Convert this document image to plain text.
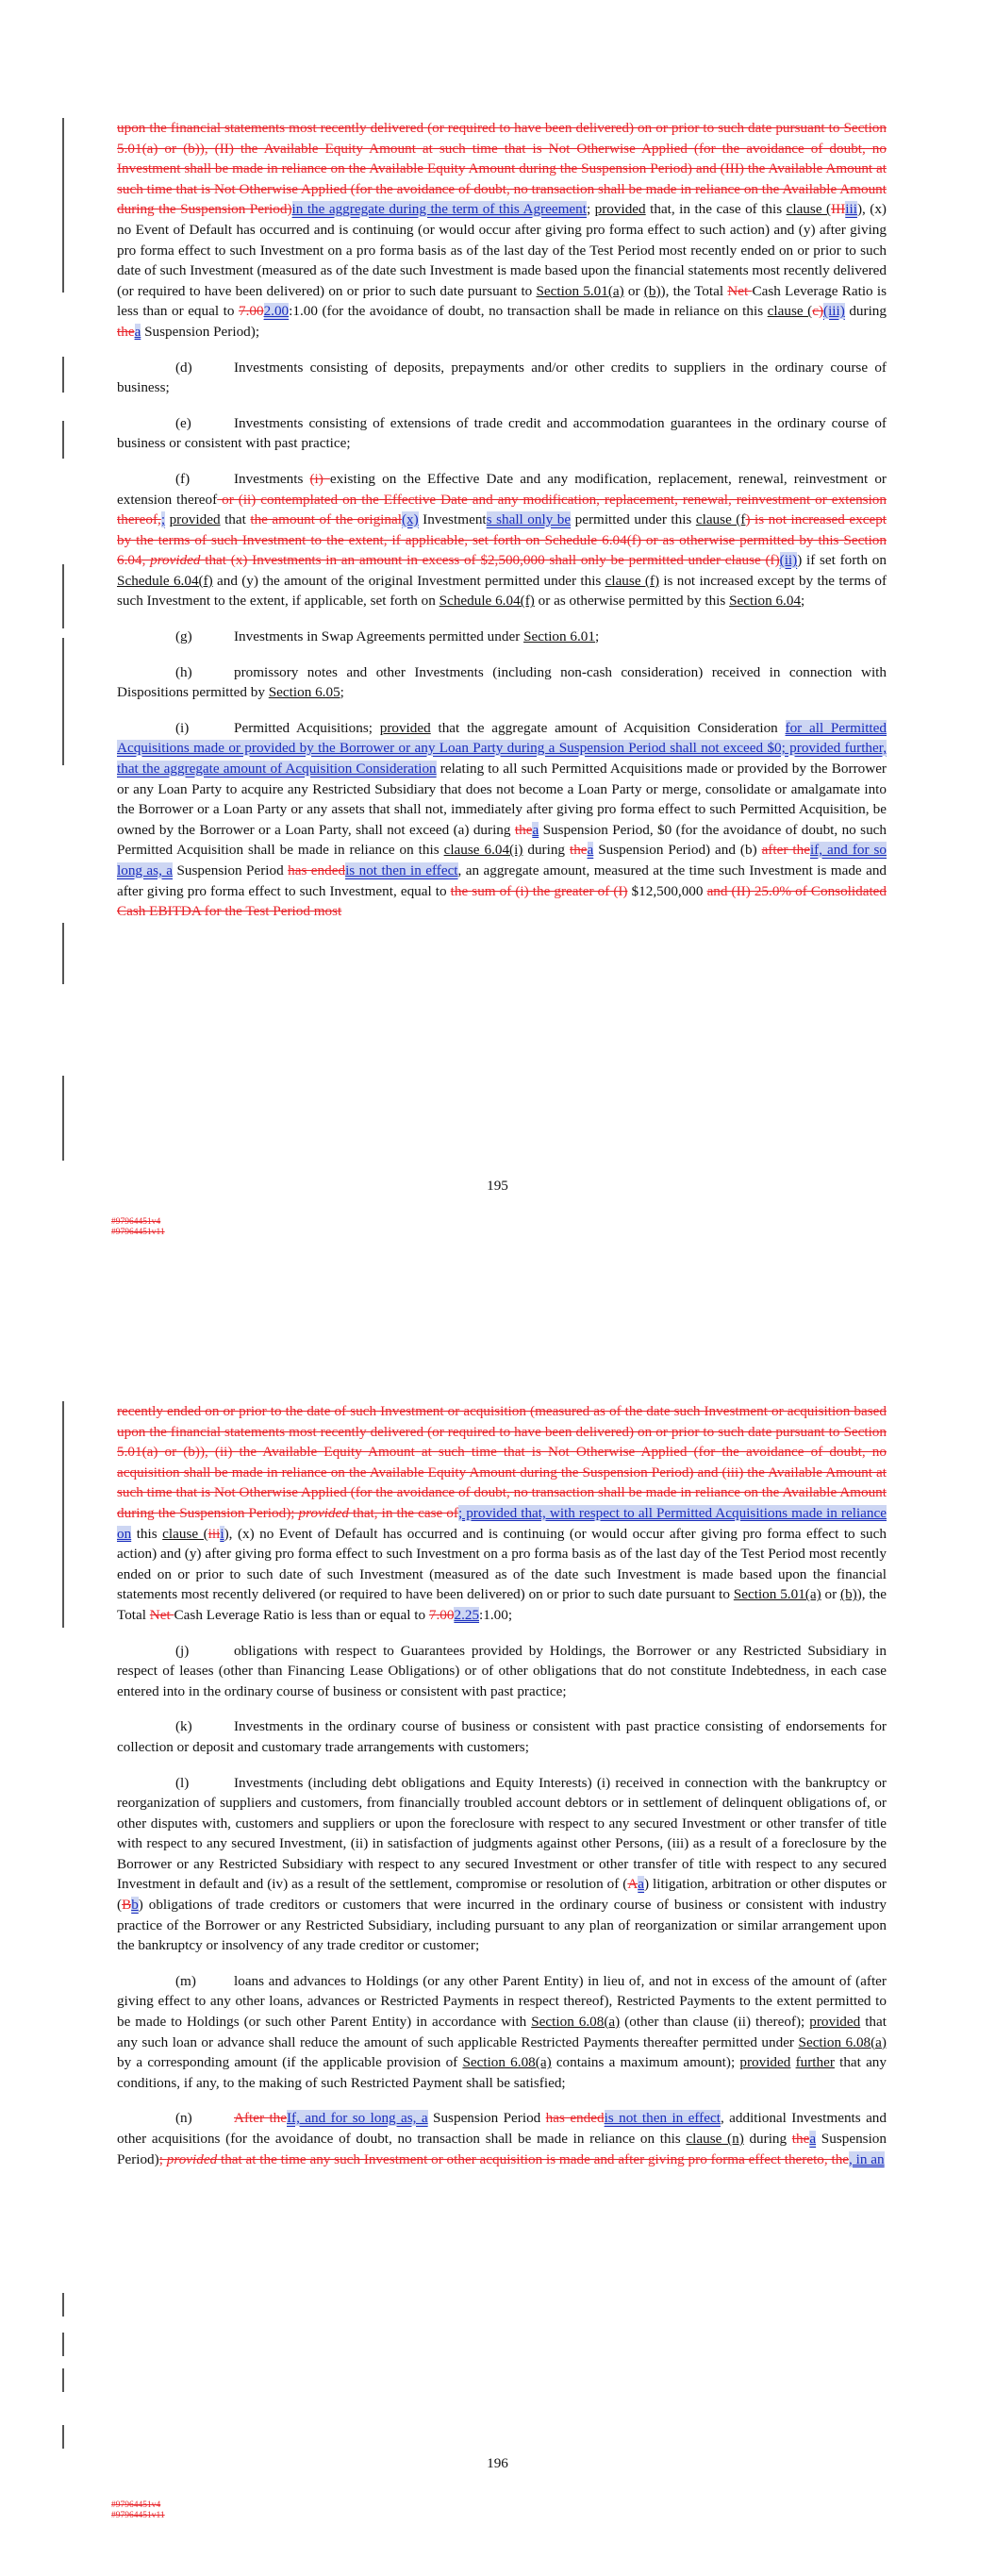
upon the financial statements most recently delivered (or required to have been delivered) on or prior to such date pursuant to Section 5.01(a) or (b)), (II) the Available Equity Amount at such time that is Not Otherwise Applied (for the avoidance of doubt, no Investment shall be made in reliance on the Available Equity Amount during the Suspension Period) and (III) the Available Amount at such time that is Not Otherwise Applied (for the avoidance of doubt, no transaction shall be made in reliance on the Available Amount during the Suspension Period)in the aggregate during the term of this Agreement; provided that, in the case of this clause (IIIiii), (x) no Event of Default has occurred and is continuing (or would occur after giving pro forma effect to such action) and (y) after giving pro forma effect to such Investment on a pro forma basis as of the last day of the Test Period most recently ended on or prior to such date of such Investment (measured as of the date such Investment is made based upon the financial statements most recently delivered (or required to have been delivered) on or prior to such date pursuant to Section 5.01(a) or (b)), the Total Net Cash Leverage Ratio is less than or equal to 7.002.00:1.00 (for the avoidance of doubt, no transaction shall be made in reliance on this clause (c)(iii) during thea Suspension Period);

(d)	Investments consisting of deposits, prepayments and/or other credits to suppliers in the ordinary course of business;

(e)	Investments consisting of extensions of trade credit and accommodation guarantees in the ordinary course of business or consistent with past practice;

(f)	Investments (i) existing on the Effective Date and any modification, replacement, renewal, reinvestment or extension thereof or (ii) contemplated on the Effective Date and any modification, replacement, renewal, reinvestment or extension thereof,; provided that the amount of the original(x) Investments shall only be permitted under this clause (f) is not increased except by the terms of such Investment to the extent, if applicable, set forth on Schedule 6.04(f) or as otherwise permitted by this Section 6.04, provided that (x) Investments in an amount in excess of $2,500,000 shall only be permitted under clause (f)(ii)) if set forth on Schedule 6.04(f) and (y) the amount of the original Investment permitted under this clause (f) is not increased except by the terms of such Investment to the extent, if applicable, set forth on Schedule 6.04(f) or as otherwise permitted by this Section 6.04;

(g)	Investments in Swap Agreements permitted under Section 6.01;

(h)	promissory notes and other Investments (including non-cash consideration) received in connection with Dispositions permitted by Section 6.05;

(i)	Permitted Acquisitions; provided that the aggregate amount of Acquisition Consideration for all Permitted Acquisitions made or provided by the Borrower or any Loan Party during a Suspension Period shall not exceed $0; provided further, that the aggregate amount of Acquisition Consideration relating to all such Permitted Acquisitions made or provided by the Borrower or any Loan Party to acquire any Restricted Subsidiary that does not become a Loan Party or merge, consolidate or amalgamate into the Borrower or a Loan Party or any assets that shall not, immediately after giving pro forma effect to such Permitted Acquisition, be owned by the Borrower or a Loan Party, shall not exceed (a) during thea Suspension Period, $0 (for the avoidance of doubt, no such Permitted Acquisition shall be made in reliance on this clause 6.04(i) during thea Suspension Period) and (b) after theif, and for so long as, a Suspension Period has endedis not then in effect, an aggregate amount, measured at the time such Investment is made and after giving pro forma effect to such Investment, equal to the sum of (i) the greater of (I) $12,500,000 and (II) 25.0% of Consolidated Cash EBITDA for the Test Period most

195
#97964451v4
#97964451v11

recently ended on or prior to the date of such Investment or acquisition (measured as of the date such Investment or acquisition based upon the financial statements most recently delivered (or required to have been delivered) on or prior to such date pursuant to Section 5.01(a) or (b)), (ii) the Available Equity Amount at such time that is Not Otherwise Applied (for the avoidance of doubt, no acquisition shall be made in reliance on the Available Equity Amount during the Suspension Period) and (iii) the Available Amount at such time that is Not Otherwise Applied (for the avoidance of doubt, no transaction shall be made in reliance on the Available Amount during the Suspension Period); provided that, in the case of; provided that, with respect to all Permitted Acquisitions made in reliance on this clause (iiii), (x) no Event of Default has occurred and is continuing (or would occur after giving pro forma effect to such action) and (y) after giving pro forma effect to such Investment on a pro forma basis as of the last day of the Test Period most recently ended on or prior to such date of such Investment (measured as of the date such Investment is made based upon the financial statements most recently delivered (or required to have been delivered) on or prior to such date pursuant to Section 5.01(a) or (b)), the Total Net Cash Leverage Ratio is less than or equal to 7.002.25:1.00;

(j)	obligations with respect to Guarantees provided by Holdings, the Borrower or any Restricted Subsidiary in respect of leases (other than Financing Lease Obligations) or of other obligations that do not constitute Indebtedness, in each case entered into in the ordinary course of business or consistent with past practice;

(k)	Investments in the ordinary course of business or consistent with past practice consisting of endorsements for collection or deposit and customary trade arrangements with customers;

(l)	Investments (including debt obligations and Equity Interests) (i) received in connection with the bankruptcy or reorganization of suppliers and customers, from financially troubled account debtors or in settlement of delinquent obligations of, or other disputes with, customers and suppliers or upon the foreclosure with respect to any secured Investment or other transfer of title with respect to any secured Investment, (ii) in satisfaction of judgments against other Persons, (iii) as a result of a foreclosure by the Borrower or any Restricted Subsidiary with respect to any secured Investment or other transfer of title with respect to any secured Investment in default and (iv) as a result of the settlement, compromise or resolution of (Aa) litigation, arbitration or other disputes or (Bb) obligations of trade creditors or customers that were incurred in the ordinary course of business or consistent with industry practice of the Borrower or any Restricted Subsidiary, including pursuant to any plan of reorganization or similar arrangement upon the bankruptcy or insolvency of any trade creditor or customer;

(m)	loans and advances to Holdings (or any other Parent Entity) in lieu of, and not in excess of the amount of (after giving effect to any other loans, advances or Restricted Payments in respect thereof), Restricted Payments to the extent permitted to be made to Holdings (or such other Parent Entity) in accordance with Section 6.08(a) (other than clause (ii) thereof); provided that any such loan or advance shall reduce the amount of such applicable Restricted Payments thereafter permitted under Section 6.08(a) by a corresponding amount (if the applicable provision of Section 6.08(a) contains a maximum amount); provided further that any conditions, if any, to the making of such Restricted Payment shall be satisfied;

(n)	After theIf, and for so long as, a Suspension Period has endedis not then in effect, additional Investments and other acquisitions (for the avoidance of doubt, no transaction shall be made in reliance on this clause (n) during thea Suspension Period); provided that at the time any such Investment or other acquisition is made and after giving pro forma effect thereto, the, in an

196
#97964451v4
#97964451v11
